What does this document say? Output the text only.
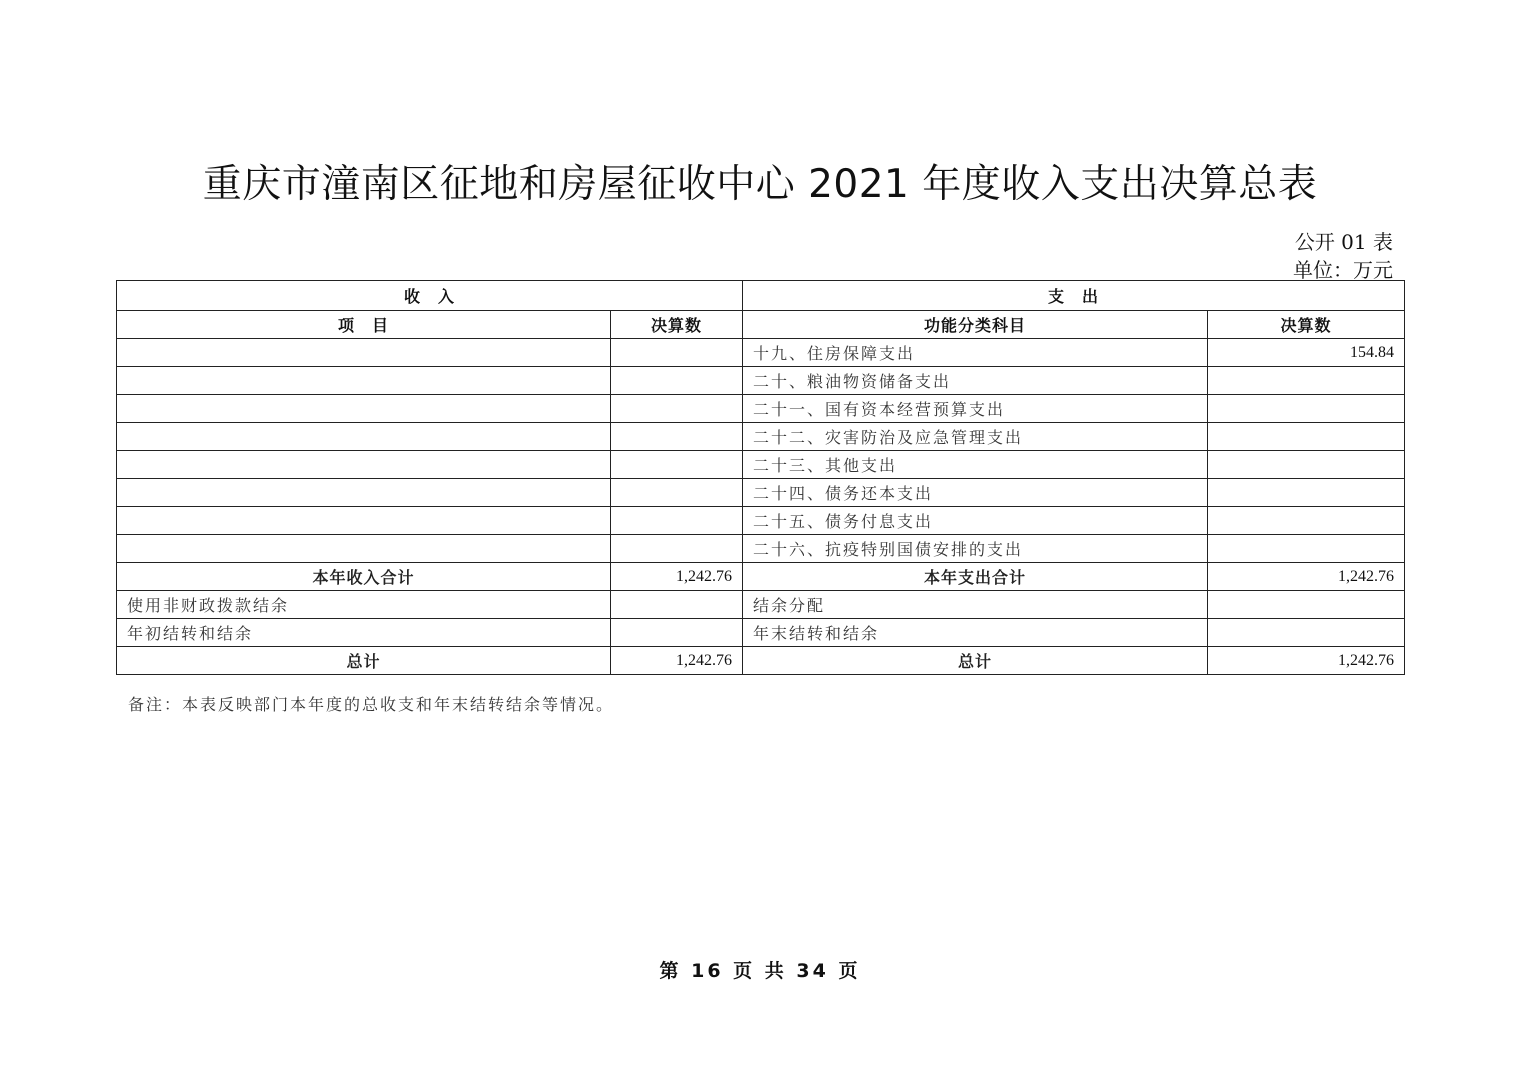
重庆市潼南区征地和房屋征收中心 2021 年度收入支出决算总表
公开 01 表
单位：万元
收　入		支　出	
项　目	决算数	功能分类科目	决算数
		十九、住房保障支出	154.84
		二十、粮油物资储备支出	
		二十一、国有资本经营预算支出	
		二十二、灾害防治及应急管理支出	
		二十三、其他支出	
		二十四、债务还本支出	
		二十五、债务付息支出	
		二十六、抗疫特别国债安排的支出	
本年收入合计	1,242.76	本年支出合计	1,242.76
使用非财政拨款结余		结余分配	
年初结转和结余		年末结转和结余	
总计	1,242.76	总计	1,242.76
备注：本表反映部门本年度的总收支和年末结转结余等情况。
第 16 页 共 34 页
